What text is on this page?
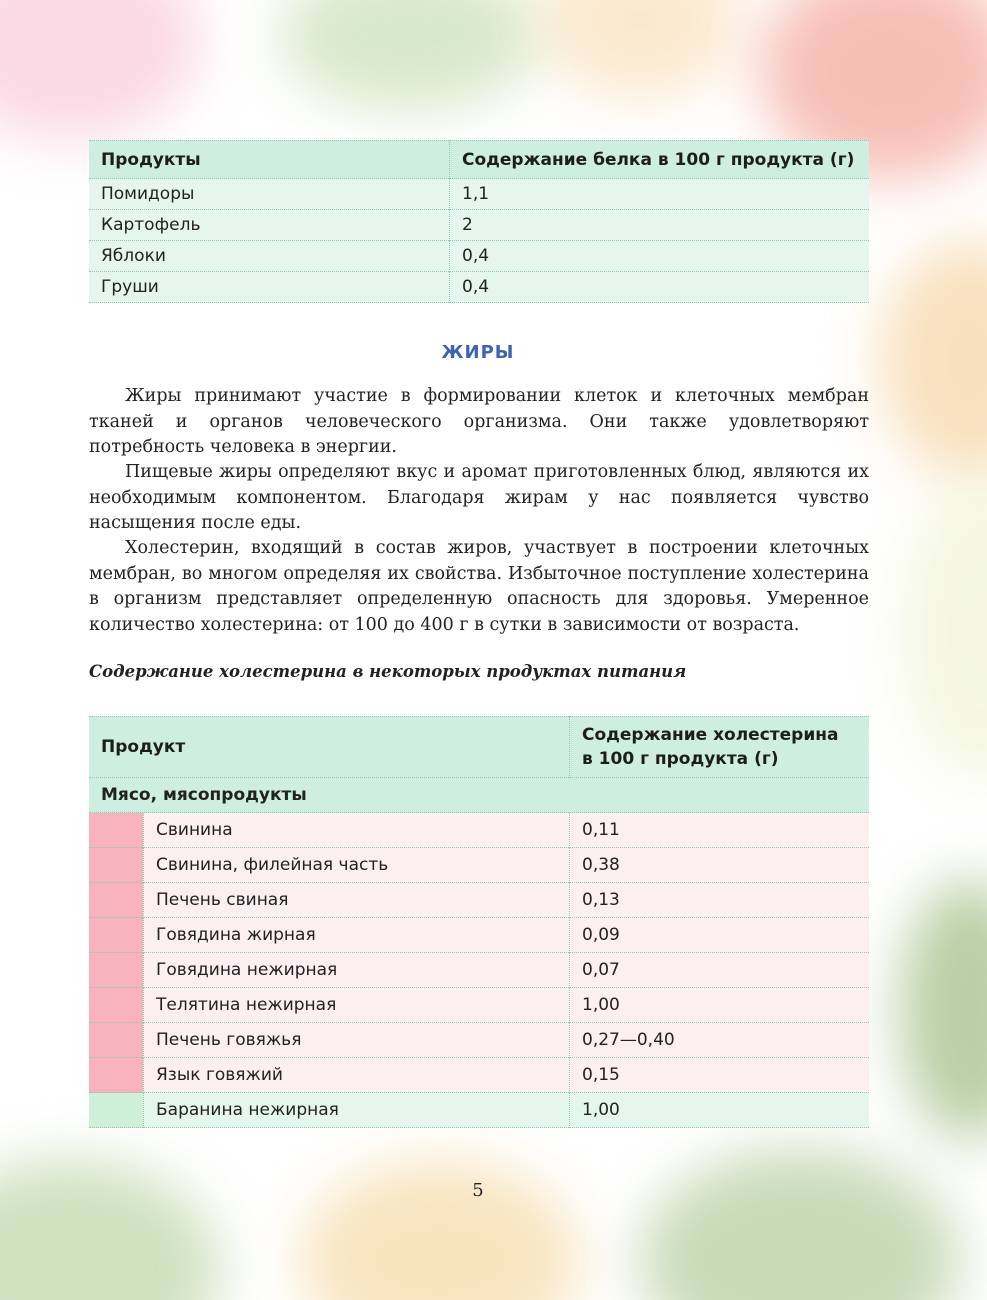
Продукты	Содержание белка в 100 г продукта (г)
Помидоры	1,1
Картофель	2
Яблоки	0,4
Груши	0,4
ЖИРЫ

Жиры принимают участие в формировании клеток и клеточных мембран тканей и органов человеческого организма. Они также удовлетворяют потребность человека в энергии.

Пищевые жиры определяют вкус и аромат приготовленных блюд, являются их необходимым компонентом. Благодаря жирам у нас появляется чувство насыщения после еды.

Холестерин, входящий в состав жиров, участвует в построении клеточных мембран, во многом определяя их свойства. Избыточное поступление холестерина в организм представляет определенную опасность для здоровья. Умеренное количество холестерина: от 100 до 400 г в сутки в зависимости от возраста.

Содержание холестерина в некоторых продуктах питания
Продукт		Содержание холестерина
в 100 г продукта (г)

Мясо, мясопродукты		
	Свинина	0,11
	Свинина, филейная часть	0,38
	Печень свиная	0,13
	Говядина жирная	0,09
	Говядина нежирная	0,07
	Телятина нежирная	1,00
	Печень говяжья	0,27—0,40
	Язык говяжий	0,15
	Баранина нежирная	1,00
5
